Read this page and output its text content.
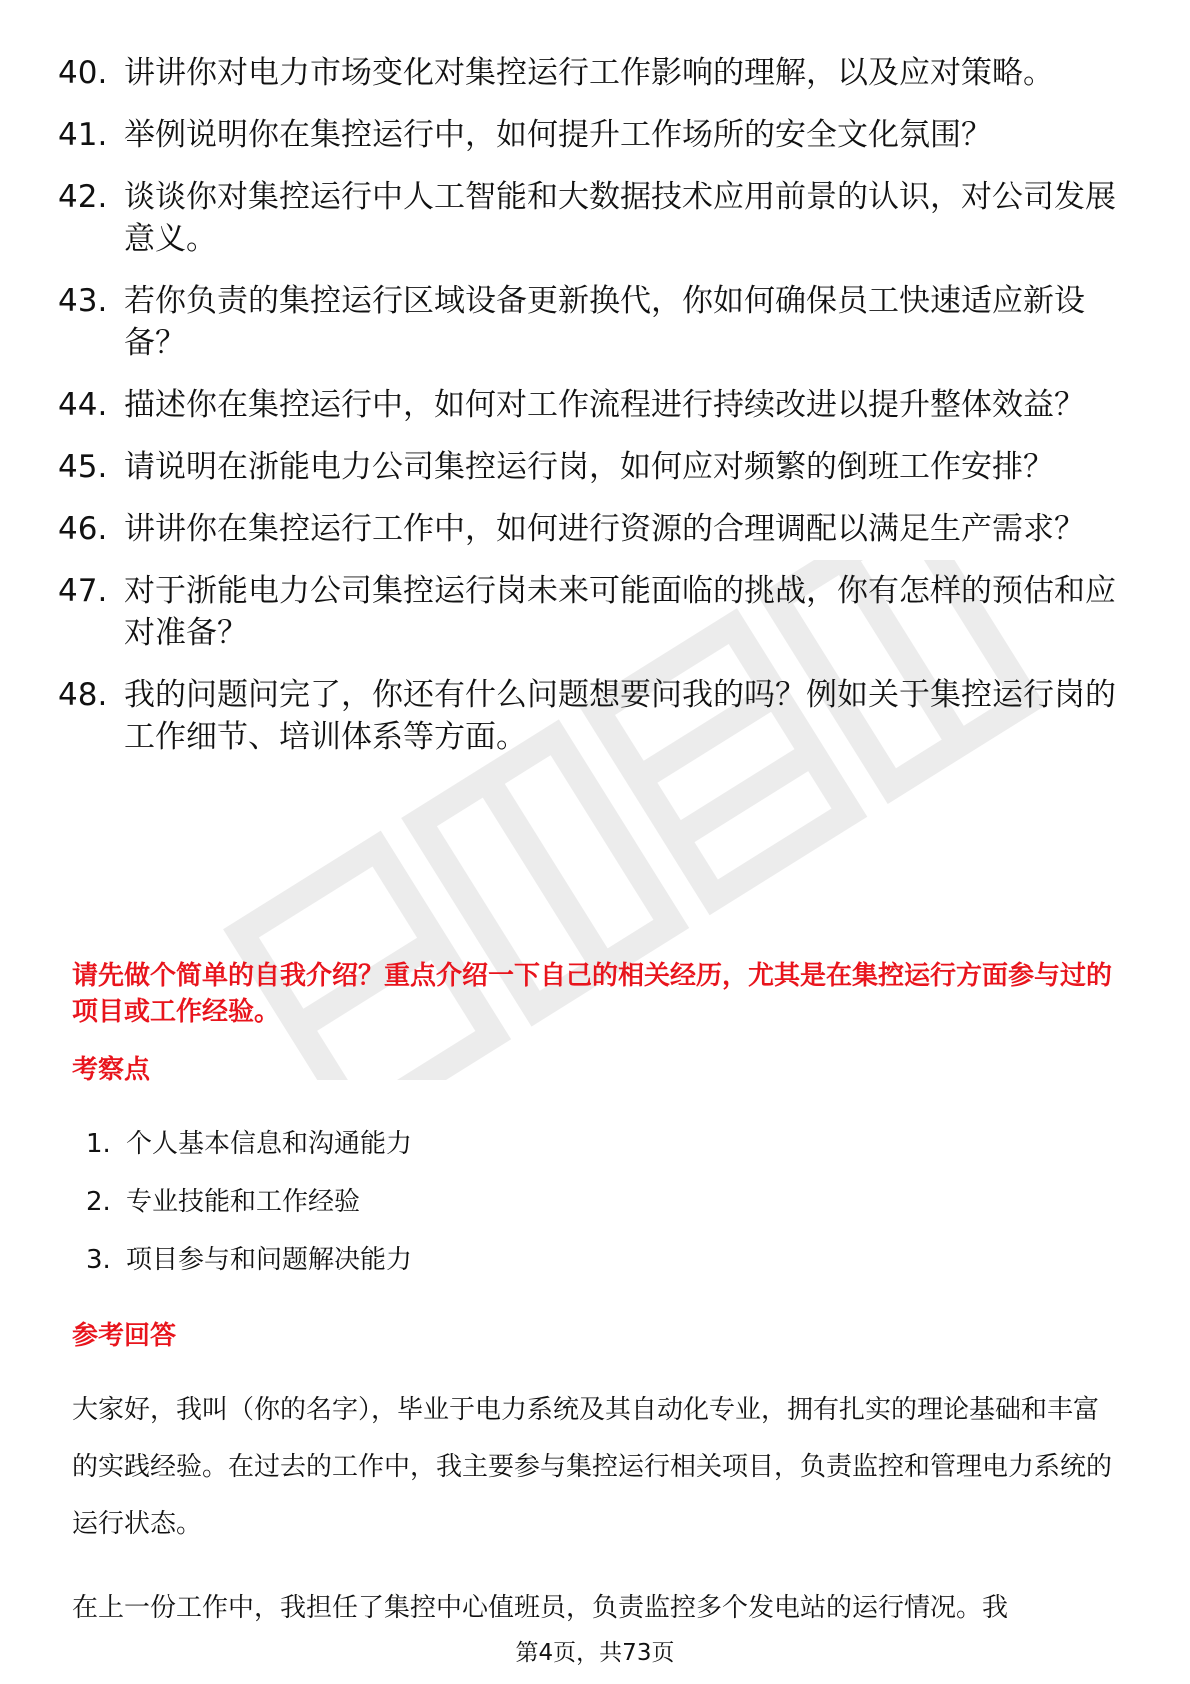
40. 讲讲你对电力市场变化对集控运行工作影响的理解，以及应对策略。
41. 举例说明你在集控运行中，如何提升工作场所的安全文化氛围？
42. 谈谈你对集控运行中人工智能和大数据技术应用前景的认识，对公司发展意义。
43. 若你负责的集控运行区域设备更新换代，你如何确保员工快速适应新设备？
44. 描述你在集控运行中，如何对工作流程进行持续改进以提升整体效益？
45. 请说明在浙能电力公司集控运行岗，如何应对频繁的倒班工作安排？
46. 讲讲你在集控运行工作中，如何进行资源的合理调配以满足生产需求？
47. 对于浙能电力公司集控运行岗未来可能面临的挑战，你有怎样的预估和应对准备？
48. 我的问题问完了，你还有什么问题想要问我的吗？例如关于集控运行岗的工作细节、培训体系等方面。
请先做个简单的自我介绍？重点介绍一下自己的相关经历，尤其是在集控运行方面参与过的项目或工作经验。
考察点
1. 个人基本信息和沟通能力
2. 专业技能和工作经验
3. 项目参与和问题解决能力
参考回答

大家好，我叫（你的名字），毕业于电力系统及其自动化专业，拥有扎实的理论基础和丰富的实践经验。在过去的工作中，我主要参与集控运行相关项目，负责监控和管理电力系统的运行状态。

在上一份工作中，我担任了集控中心值班员，负责监控多个发电站的运行情况。我

第4页，共73页
